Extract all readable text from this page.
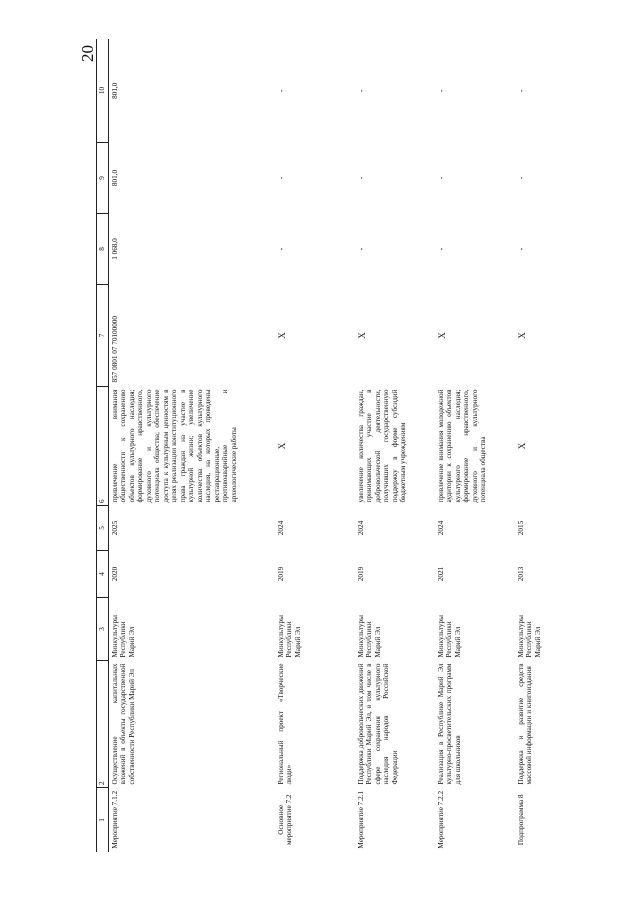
20
1	2	3	4	5	6	7	8	9	10
Мероприятие 7.1.2	Осуществление капитальных вложений в объекты государственной собственности Республики Марий Эл	Минкультуры Республики Марий Эл	2020	2025	привлечение внимания общественности к сохранению объектов культурного наследия; формирование нравственного, духовного и культурного потенциала общества; обеспечение доступа к культурным ценностям в целях реализации конституционного права граждан на участие в культурной жизни; увеличение количества объектов культурного наследия, на которых проведены реставрационные, противоаварийные и археологические работы	857 0801 07 70100000	1 068,0	801,0	801,0
Основное мероприятие 7.2	Региональный проект «Творческие люди»	Минкультуры Республики Марий Эл	2019	2024	Х	Х	-	-	-
Мероприятие 7.2.1	Поддержка добровольческих движений Республики Марий Эл, в том числе в сфере сохранения культурного наследия народов Российской Федерации	Минкультуры Республики Марий Эл	2019	2024	увеличение количества граждан, принимающих участие в добровольческой деятельности, получивших государственную поддержку в форме субсидий бюджетным учреждениям	Х	-	-	-
Мероприятие 7.2.2	Реализация в Республике Марий Эл культурно-просветительских программ для школьников	Минкультуры Республики Марий Эл	2021	2024	привлечение внимания молодежной аудитории к сохранению объектов культурного наследия; формирование нравственного, духовного и культурного потенциала общества	Х	-	-	-
Подпрограмма 8	Поддержка и развитие средств массовой информации и книгоиздания	Минкультуры Республики Марий Эл	2013	2015	Х	Х	-	-	-
